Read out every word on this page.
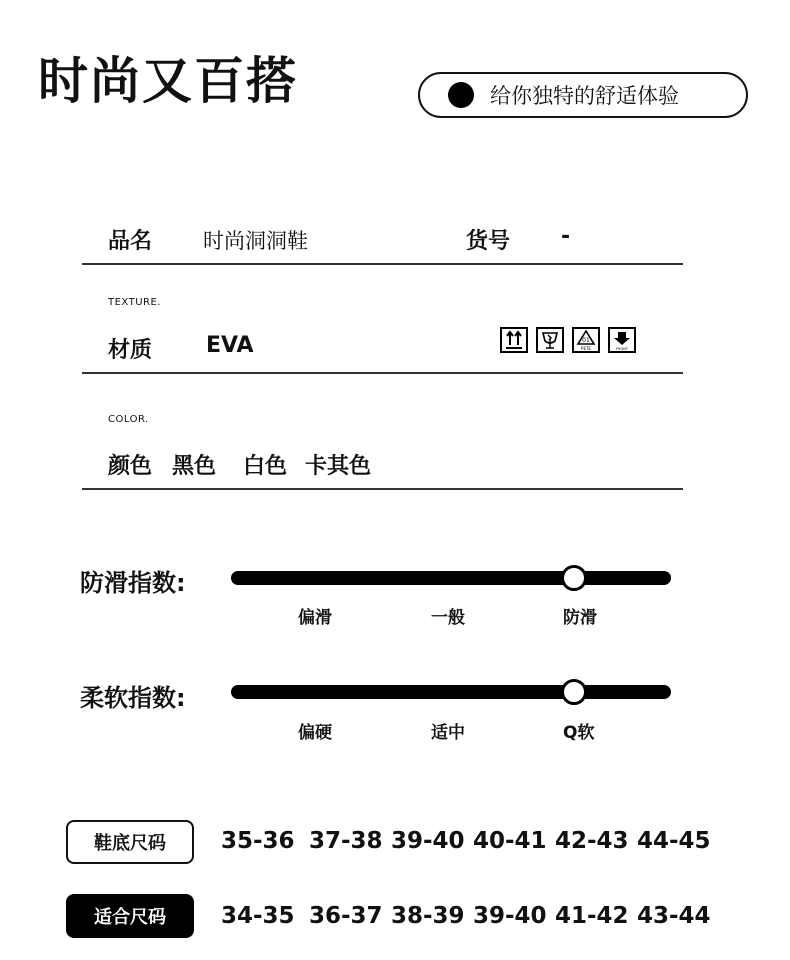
时尚又百搭	给你独特的舒适体验
品名 时尚洞洞鞋	货号 -
TEXTURE.
材质 EVA	01
PETE	FRONT
COLOR.
颜色 黑色 白色 卡其色
防滑指数:
偏滑	一般	防滑
柔软指数:
偏硬	适中	Q软
鞋底尺码	35-36 37-38 39-40 40-41 42-43 44-45
适合尺码	34-35 36-37 38-39 39-40 41-42 43-44
